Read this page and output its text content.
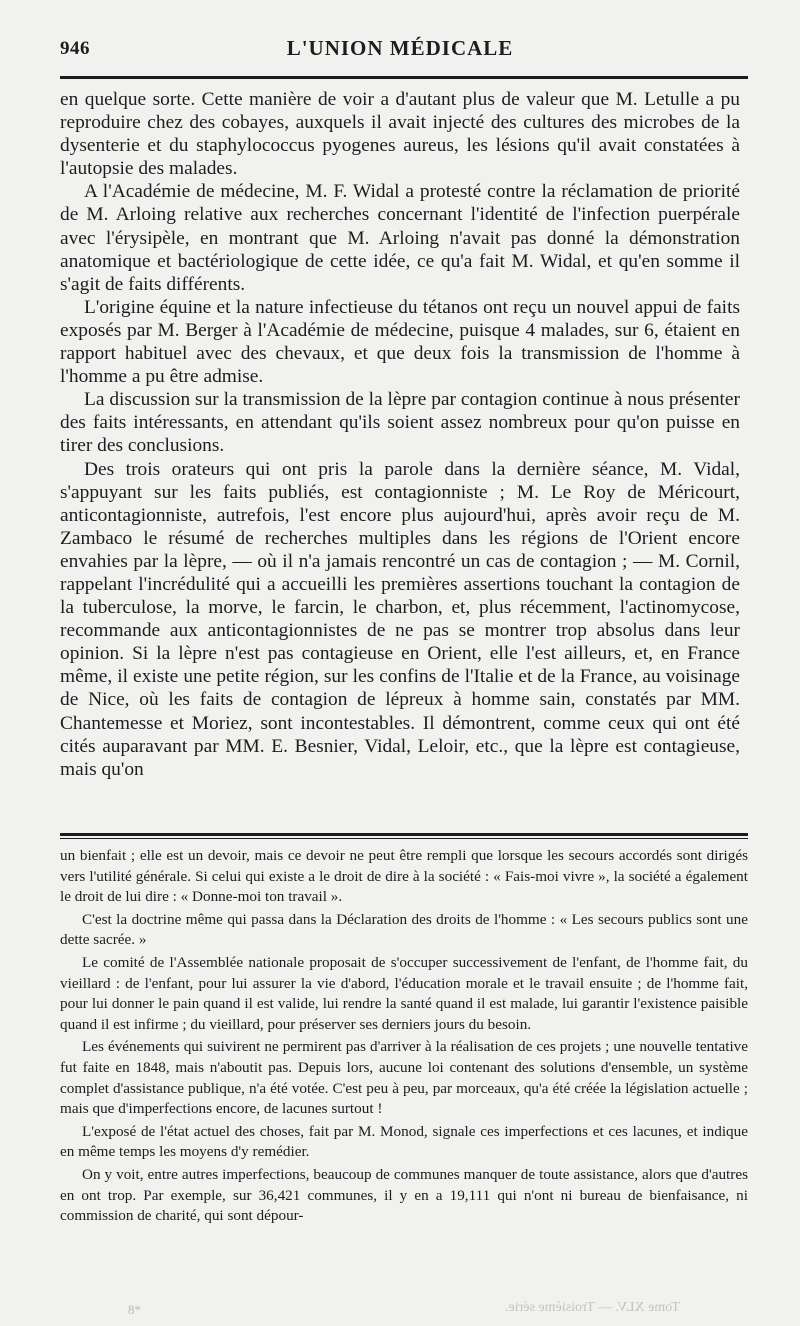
946	L'UNION MÉDICALE

en quelque sorte. Cette manière de voir a d'autant plus de valeur que M. Letulle a pu reproduire chez des cobayes, auxquels il avait injecté des cultures des microbes de la dysenterie et du staphylococcus pyogenes aureus, les lésions qu'il avait constatées à l'autopsie des malades.

A l'Académie de médecine, M. F. Widal a protesté contre la réclamation de priorité de M. Arloing relative aux recherches concernant l'identité de l'infection puerpérale avec l'érysipèle, en montrant que M. Arloing n'avait pas donné la démonstration anatomique et bactériologique de cette idée, ce qu'a fait M. Widal, et qu'en somme il s'agit de faits différents.

L'origine équine et la nature infectieuse du tétanos ont reçu un nouvel appui de faits exposés par M. Berger à l'Académie de médecine, puisque 4 malades, sur 6, étaient en rapport habituel avec des chevaux, et que deux fois la transmission de l'homme à l'homme a pu être admise.

La discussion sur la transmission de la lèpre par contagion continue à nous présenter des faits intéressants, en attendant qu'ils soient assez nombreux pour qu'on puisse en tirer des conclusions.

Des trois orateurs qui ont pris la parole dans la dernière séance, M. Vidal, s'appuyant sur les faits publiés, est contagionniste ; M. Le Roy de Méricourt, anticontagionniste, autrefois, l'est encore plus aujourd'hui, après avoir reçu de M. Zambaco le résumé de recherches multiples dans les régions de l'Orient encore envahies par la lèpre, — où il n'a jamais rencontré un cas de contagion ; — M. Cornil, rappelant l'incrédulité qui a accueilli les premières assertions touchant la contagion de la tuberculose, la morve, le farcin, le charbon, et, plus récemment, l'actinomycose, recommande aux anticontagionnistes de ne pas se montrer trop absolus dans leur opinion. Si la lèpre n'est pas contagieuse en Orient, elle l'est ailleurs, et, en France même, il existe une petite région, sur les confins de l'Italie et de la France, au voisinage de Nice, où les faits de contagion de lépreux à homme sain, constatés par MM. Chantemesse et Moriez, sont incontestables. Il démontrent, comme ceux qui ont été cités auparavant par MM. E. Besnier, Vidal, Leloir, etc., que la lèpre est contagieuse, mais qu'on

un bienfait ; elle est un devoir, mais ce devoir ne peut être rempli que lorsque les secours accordés sont dirigés vers l'utilité générale. Si celui qui existe a le droit de dire à la société : « Fais-moi vivre », la société a également le droit de lui dire : « Donne-moi ton travail ».

C'est la doctrine même qui passa dans la Déclaration des droits de l'homme : « Les secours publics sont une dette sacrée. »

Le comité de l'Assemblée nationale proposait de s'occuper successivement de l'enfant, de l'homme fait, du vieillard : de l'enfant, pour lui assurer la vie d'abord, l'éducation morale et le travail ensuite ; de l'homme fait, pour lui donner le pain quand il est valide, lui rendre la santé quand il est malade, lui garantir l'existence paisible quand il est infirme ; du vieillard, pour préserver ses derniers jours du besoin.

Les événements qui suivirent ne permirent pas d'arriver à la réalisation de ces projets ; une nouvelle tentative fut faite en 1848, mais n'aboutit pas. Depuis lors, aucune loi contenant des solutions d'ensemble, un système complet d'assistance publique, n'a été votée. C'est peu à peu, par morceaux, qu'a été créée la législation actuelle ; mais que d'imperfections encore, de lacunes surtout !

L'exposé de l'état actuel des choses, fait par M. Monod, signale ces imperfections et ces lacunes, et indique en même temps les moyens d'y remédier.

On y voit, entre autres imperfections, beaucoup de communes manquer de toute assistance, alors que d'autres en ont trop. Par exemple, sur 36,421 communes, il y en a 19,111 qui n'ont ni bureau de bienfaisance, ni commission de charité, qui sont dépour-

8*	Tome XLV. — Troisième série.
